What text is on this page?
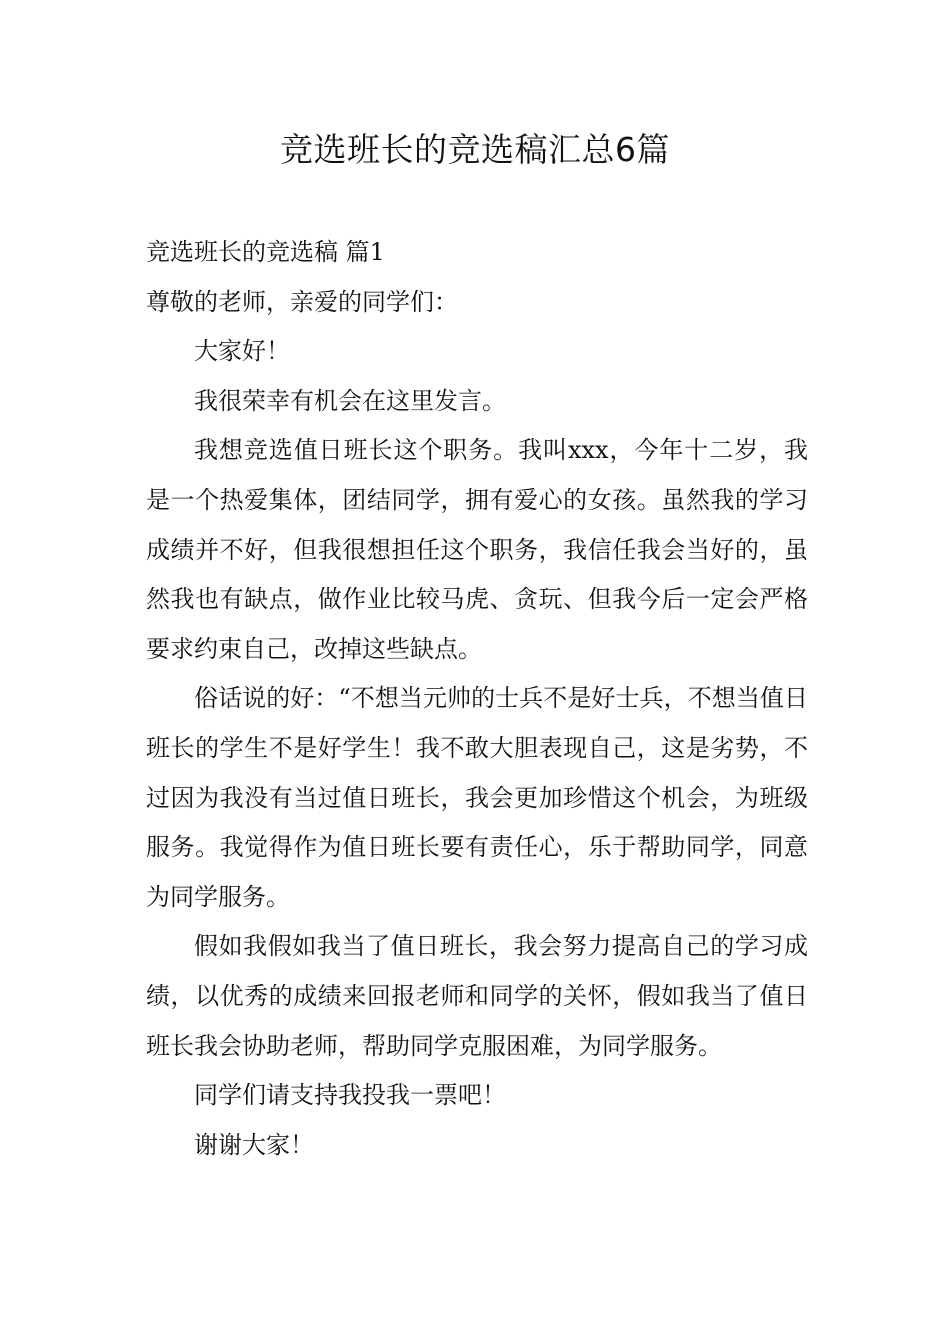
竞选班长的竞选稿汇总6篇

竞选班长的竞选稿 篇1

尊敬的老师，亲爱的同学们：

大家好！

我很荣幸有机会在这里发言。

我想竞选值日班长这个职务。我叫xxx，今年十二岁，我是一个热爱集体，团结同学，拥有爱心的女孩。虽然我的学习成绩并不好，但我很想担任这个职务，我信任我会当好的，虽然我也有缺点，做作业比较马虎、贪玩、但我今后一定会严格要求约束自己，改掉这些缺点。

俗话说的好：“不想当元帅的士兵不是好士兵，不想当值日班长的学生不是好学生！我不敢大胆表现自己，这是劣势，不过因为我没有当过值日班长，我会更加珍惜这个机会，为班级服务。我觉得作为值日班长要有责任心，乐于帮助同学，同意为同学服务。

假如我假如我当了值日班长，我会努力提高自己的学习成绩，以优秀的成绩来回报老师和同学的关怀，假如我当了值日班长我会协助老师，帮助同学克服困难，为同学服务。

同学们请支持我投我一票吧！

谢谢大家！
